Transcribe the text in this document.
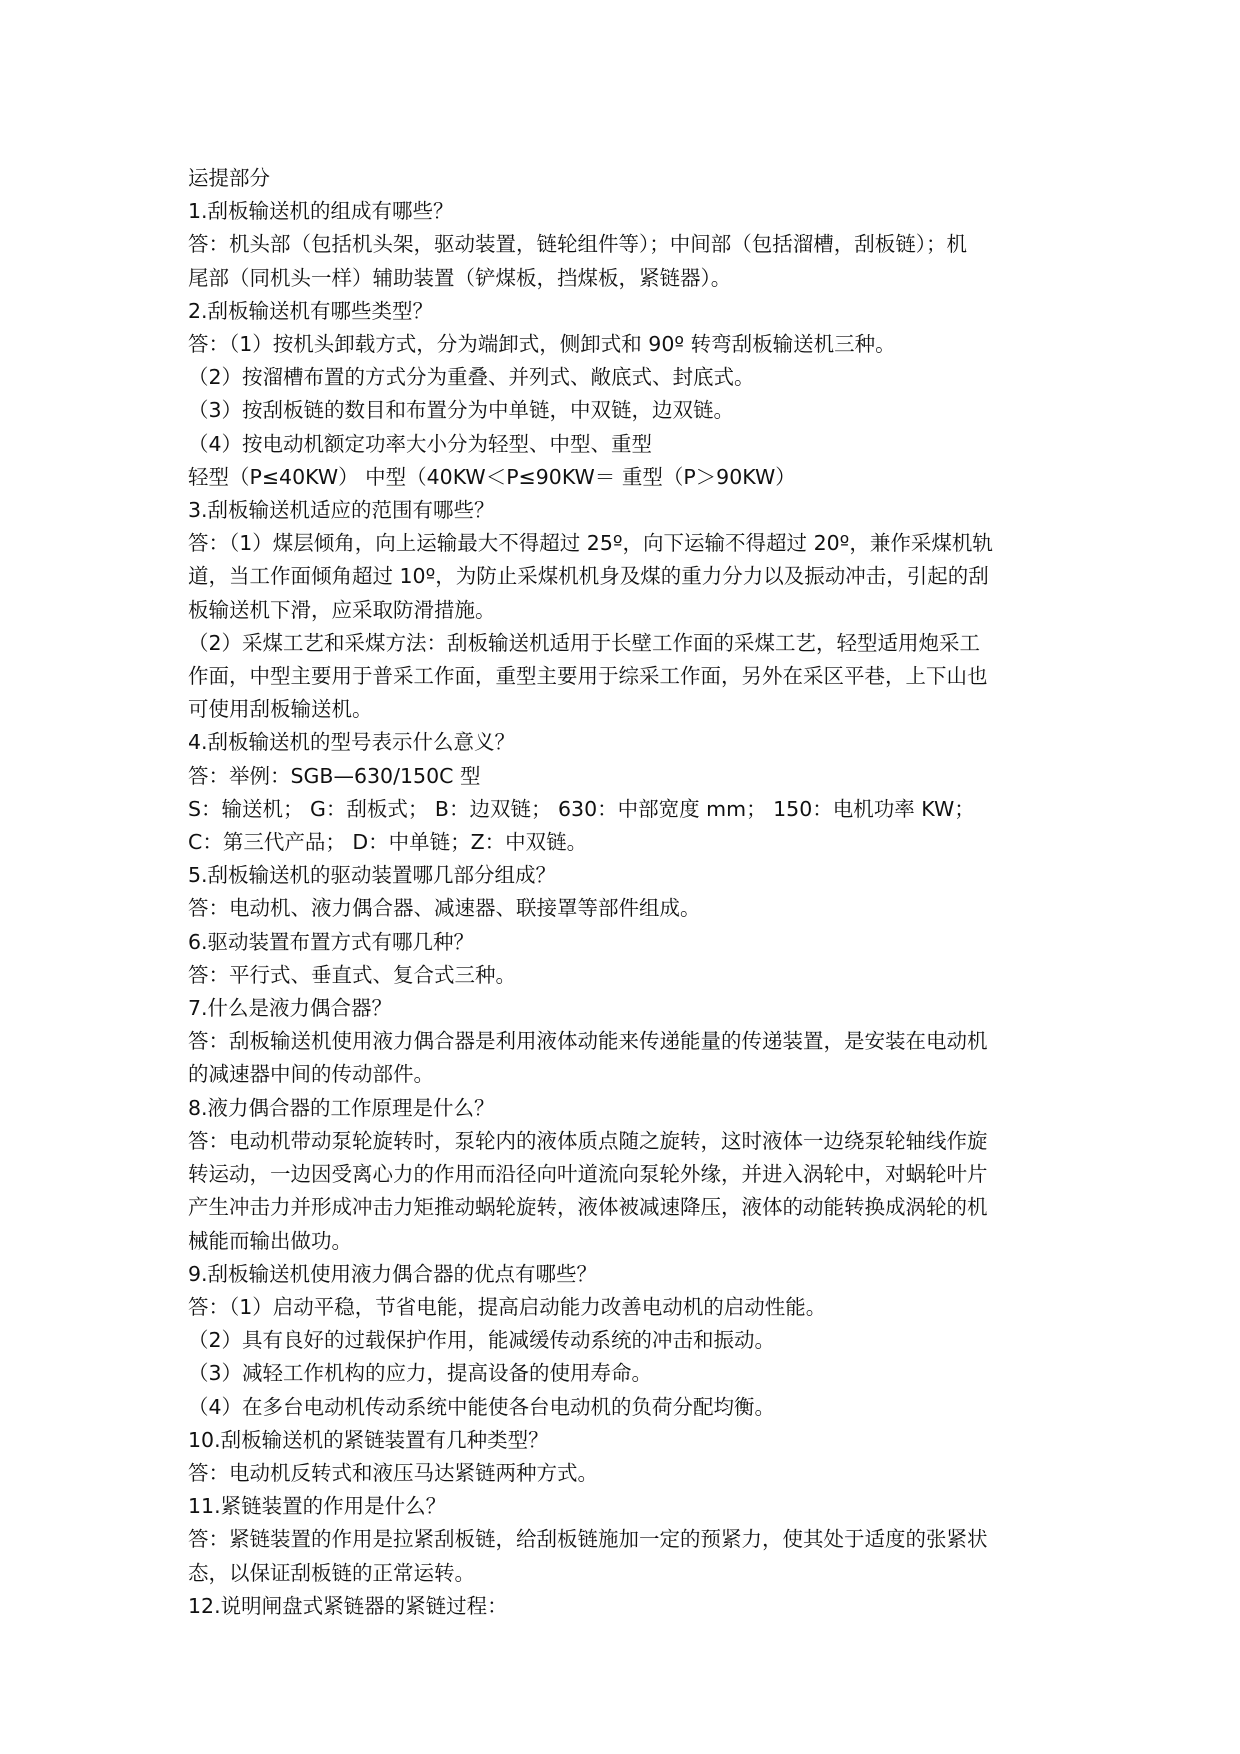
运提部分
1.刮板输送机的组成有哪些？
答：机头部（包括机头架，驱动装置，链轮组件等）；中间部（包括溜槽，刮板链）；机
尾部（同机头一样）辅助装置（铲煤板，挡煤板，紧链器）。
2.刮板输送机有哪些类型？
答：（1）按机头卸载方式，分为端卸式，侧卸式和 90º 转弯刮板输送机三种。
（2）按溜槽布置的方式分为重叠、并列式、敞底式、封底式。
（3）按刮板链的数目和布置分为中单链，中双链，边双链。
（4）按电动机额定功率大小分为轻型、中型、重型
轻型（P≤40KW） 中型（40KW＜P≤90KW＝ 重型（P＞90KW）
3.刮板输送机适应的范围有哪些？
答：（1）煤层倾角，向上运输最大不得超过 25º，向下运输不得超过 20º，兼作采煤机轨
道，当工作面倾角超过 10º，为防止采煤机机身及煤的重力分力以及振动冲击，引起的刮
板输送机下滑，应采取防滑措施。
（2）采煤工艺和采煤方法：刮板输送机适用于长壁工作面的采煤工艺，轻型适用炮采工
作面，中型主要用于普采工作面，重型主要用于综采工作面，另外在采区平巷，上下山也
可使用刮板输送机。
4.刮板输送机的型号表示什么意义？
答：举例：SGB—630/150C 型
S：输送机； G：刮板式； B：边双链； 630：中部宽度 mm； 150：电机功率 KW；
C：第三代产品； D：中单链；Z：中双链。
5.刮板输送机的驱动装置哪几部分组成？
答：电动机、液力偶合器、减速器、联接罩等部件组成。
6.驱动装置布置方式有哪几种？
答：平行式、垂直式、复合式三种。
7.什么是液力偶合器？
答：刮板输送机使用液力偶合器是利用液体动能来传递能量的传递装置，是安装在电动机
的减速器中间的传动部件。
8.液力偶合器的工作原理是什么？
答：电动机带动泵轮旋转时，泵轮内的液体质点随之旋转，这时液体一边绕泵轮轴线作旋
转运动，一边因受离心力的作用而沿径向叶道流向泵轮外缘，并进入涡轮中，对蜗轮叶片
产生冲击力并形成冲击力矩推动蜗轮旋转，液体被减速降压，液体的动能转换成涡轮的机
械能而输出做功。
9.刮板输送机使用液力偶合器的优点有哪些？
答：（1）启动平稳，节省电能，提高启动能力改善电动机的启动性能。
（2）具有良好的过载保护作用，能减缓传动系统的冲击和振动。
（3）减轻工作机构的应力，提高设备的使用寿命。
（4）在多台电动机传动系统中能使各台电动机的负荷分配均衡。
10.刮板输送机的紧链装置有几种类型？
答：电动机反转式和液压马达紧链两种方式。
11.紧链装置的作用是什么？
答：紧链装置的作用是拉紧刮板链，给刮板链施加一定的预紧力，使其处于适度的张紧状
态，以保证刮板链的正常运转。
12.说明闸盘式紧链器的紧链过程：
